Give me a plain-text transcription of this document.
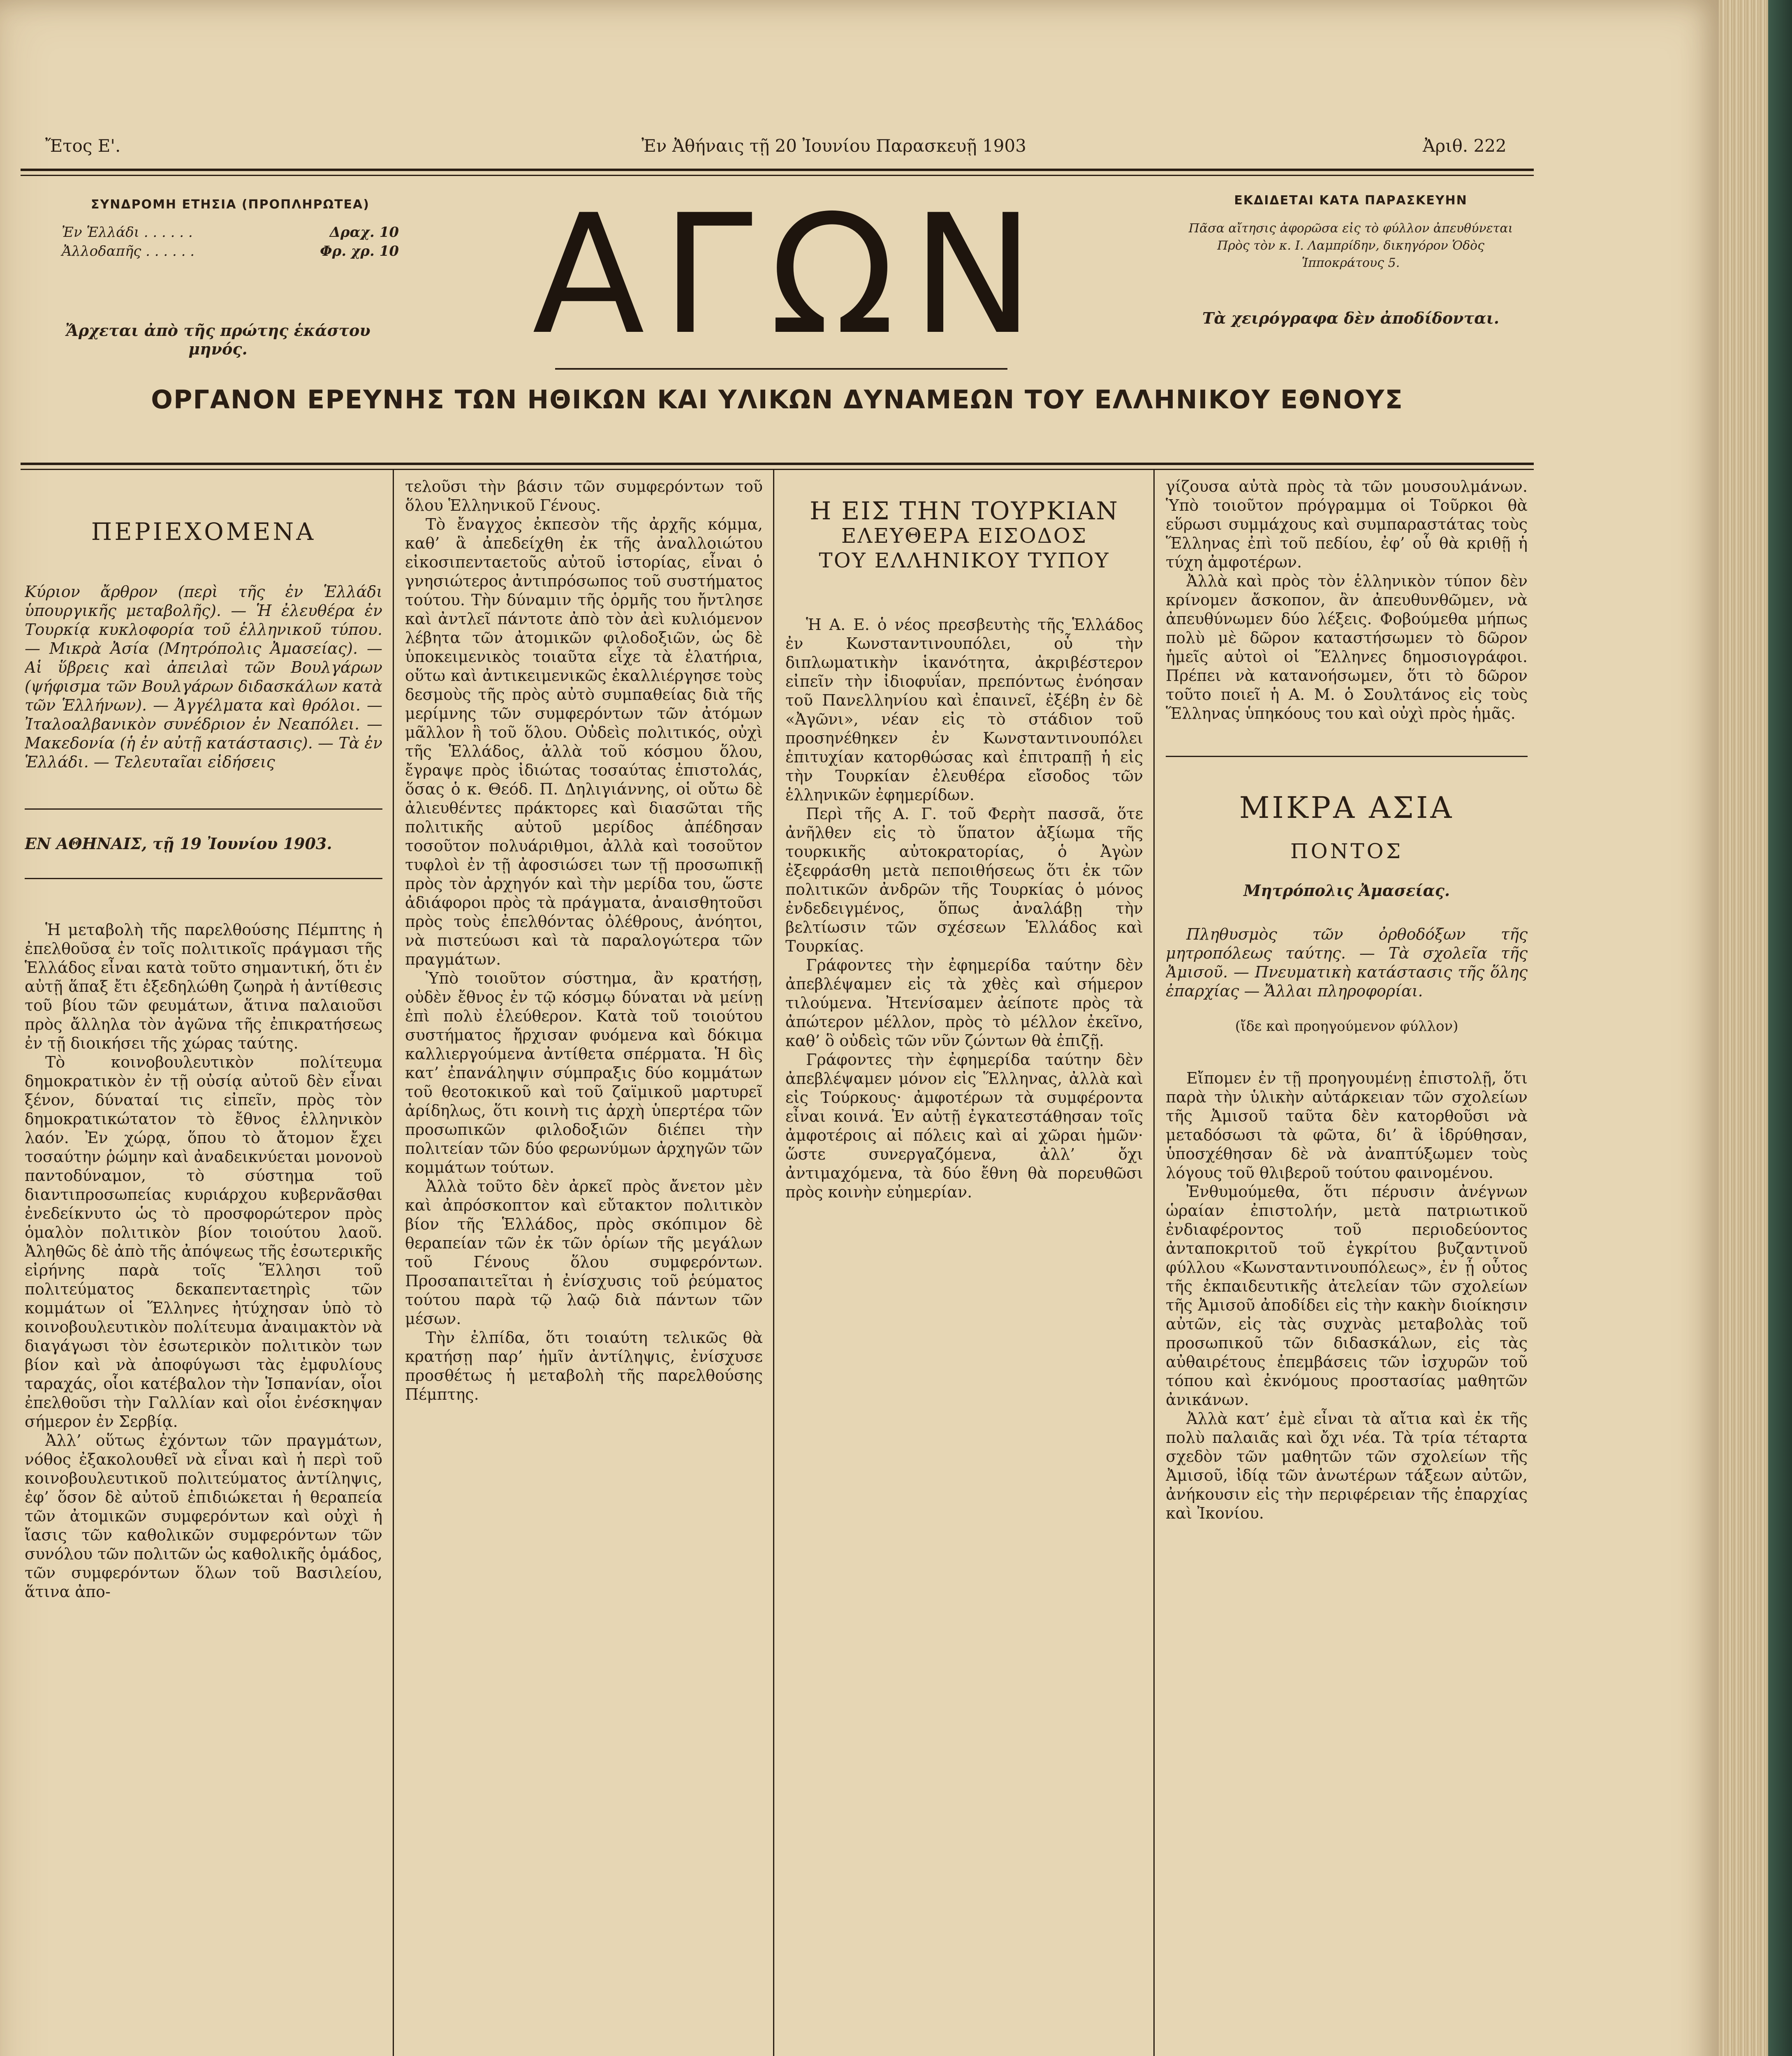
Ἔτος Ε'.	Ἐν Ἀθήναις τῇ 20 Ἰουνίου Παρασκευῇ 1903	Ἀριθ. 222
ΣΥΝΔΡΟΜΗ ΕΤΗΣΙΑ (ΠΡΟΠΛΗΡΩΤΕΑ)
Ἐν Ἑλλάδι . . . . . .	Δραχ. 10
Ἀλλοδαπῆς . . . . . .	Φρ. χρ. 10
Ἄρχεται ἀπὸ τῆς πρώτης ἑκάστου μηνός.	ΑΓΩΝ	ΕΚΔΙΔΕΤΑΙ ΚΑΤΑ ΠΑΡΑΣΚΕΥΗΝ
Πᾶσα αἴτησις ἀφορῶσα εἰς τὸ φύλλον ἀπευθύνεται Πρὸς τὸν κ. Ι. Λαμπρίδην, δικηγόρον Ὁδὸς Ἱπποκράτους 5.
Τὰ χειρόγραφα δὲν ἀποδίδονται.
ΟΡΓΑΝΟΝ ΕΡΕΥΝΗΣ ΤΩΝ ΗΘΙΚΩΝ ΚΑΙ ΥΛΙΚΩΝ ΔΥΝΑΜΕΩΝ ΤΟΥ ΕΛΛΗΝΙΚΟΥ ΕΘΝΟΥΣ
ΠΕΡΙΕΧΟΜΕΝΑ

Κύριον ἄρθρον (περὶ τῆς ἐν Ἑλλάδι ὑπουργικῆς μεταβολῆς). — Ἡ ἐλευθέρα ἐν Τουρκίᾳ κυκλοφορία τοῦ ἑλληνικοῦ τύπου. — Μικρὰ Ἀσία (Μητρόπολις Ἀμασείας). — Αἱ ὕβρεις καὶ ἀπειλαὶ τῶν Βουλγάρων (ψήφισμα τῶν Βουλγάρων διδασκάλων κατὰ τῶν Ἑλλήνων). — Ἀγγέλματα καὶ θρόλοι. — Ἰταλοαλβανικὸν συνέδριον ἐν Νεαπόλει. — Μακεδονία (ἡ ἐν αὐτῇ κατάστασις). — Τὰ ἐν Ἑλλάδι. — Τελευταῖαι εἰδήσεις

ΕΝ ΑΘΗΝΑΙΣ, τῇ 19 Ἰουνίου 1903.

Ἡ μεταβολὴ τῆς παρελθούσης Πέμπτης ἡ ἐπελθοῦσα ἐν τοῖς πολιτικοῖς πράγμασι τῆς Ἑλλάδος εἶναι κατὰ τοῦτο σημαντική, ὅτι ἐν αὐτῇ ἅπαξ ἔτι ἐξεδηλώθη ζωηρὰ ἡ ἀντίθεσις τοῦ βίου τῶν φευμάτων, ἅτινα παλαιοῦσι πρὸς ἄλληλα τὸν ἀγῶνα τῆς ἐπικρατήσεως ἐν τῇ διοικήσει τῆς χώρας ταύτης.

Τὸ κοινοβουλευτικὸν πολίτευμα δημοκρατικὸν ἐν τῇ οὐσίᾳ αὐτοῦ δὲν εἶναι ξένον, δύναταί τις εἰπεῖν, πρὸς τὸν δημοκρατικώτατον τὸ ἔθνος ἑλληνικὸν λαόν. Ἐν χώρᾳ, ὅπου τὸ ἄτομον ἔχει τοσαύτην ῥώμην καὶ ἀναδεικνύεται μονονοὺ παντοδύναμον, τὸ σύστημα τοῦ διαντιπροσωπείας κυριάρχου κυβερνᾶσθαι ἐνεδείκνυτο ὡς τὸ προσφορώτερον πρὸς ὁμαλὸν πολιτικὸν βίον τοιούτου λαοῦ. Ἀληθῶς δὲ ἀπὸ τῆς ἀπόψεως τῆς ἐσωτερικῆς εἰρήνης παρὰ τοῖς Ἕλλησι τοῦ πολιτεύματος δεκαπενταετηρὶς τῶν κομμάτων οἱ Ἕλληνες ἠτύχησαν ὑπὸ τὸ κοινοβουλευτικὸν πολίτευμα ἀναιμακτὸν νὰ διαγάγωσι τὸν ἐσωτερικὸν πολιτικὸν των βίον καὶ νὰ ἀποφύγωσι τὰς ἐμφυλίους ταραχάς, οἷοι κατέβαλον τὴν Ἱσπανίαν, οἷοι ἐπελθοῦσι τὴν Γαλλίαν καὶ οἷοι ἐνέσκηψαν σήμερον ἐν Σερβίᾳ.

Ἀλλ’ οὕτως ἐχόντων τῶν πραγμάτων, νόθος ἐξακολουθεῖ νὰ εἶναι καὶ ἡ περὶ τοῦ κοινοβουλευτικοῦ πολιτεύματος ἀντίληψις, ἐφ’ ὅσον δὲ αὐτοῦ ἐπιδιώκεται ἡ θεραπεία τῶν ἀτομικῶν συμφερόντων καὶ οὐχὶ ἡ ἴασις τῶν καθολικῶν συμφερόντων τῶν συνόλου τῶν πολιτῶν ὡς καθολικῆς ὁμάδος, τῶν συμφερόντων ὅλων τοῦ Βασιλείου, ἅτινα ἀπο-

τελοῦσι τὴν βάσιν τῶν συμφερόντων τοῦ ὅλου Ἑλληνικοῦ Γένους.

Τὸ ἔναγχος ἐκπεσὸν τῆς ἀρχῆς κόμμα, καθ’ ἃ ἀπεδείχθη ἐκ τῆς ἀναλλοιώτου εἰκοσιπενταετοῦς αὐτοῦ ἱστορίας, εἶναι ὁ γνησιώτερος ἀντιπρόσωπος τοῦ συστήματος τούτου. Τὴν δύναμιν τῆς ὁρμῆς του ἤντλησε καὶ ἀντλεῖ πάντοτε ἀπὸ τὸν ἀεὶ κυλιόμενον λέβητα τῶν ἀτομικῶν φιλοδοξιῶν, ὡς δὲ ὑποκειμενικὸς τοιαῦτα εἶχε τὰ ἐλατήρια, οὕτω καὶ ἀντικειμενικῶς ἐκαλλιέργησε τοὺς δεσμοὺς τῆς πρὸς αὐτὸ συμπαθείας διὰ τῆς μερίμνης τῶν συμφερόντων τῶν ἀτόμων μᾶλλον ἢ τοῦ ὅλου. Οὐδεὶς πολιτικός, οὐχὶ τῆς Ἑλλάδος, ἀλλὰ τοῦ κόσμου ὅλου, ἔγραψε πρὸς ἰδιώτας τοσαύτας ἐπιστολάς, ὅσας ὁ κ. Θεόδ. Π. Δηλιγιάννης, οἱ οὔτω δὲ ἀλιευθέντες πράκτορες καὶ διασῶται τῆς πολιτικῆς αὐτοῦ μερίδος ἀπέδησαν τοσοῦτον πολυάριθμοι, ἀλλὰ καὶ τοσοῦτον τυφλοὶ ἐν τῇ ἀφοσιώσει των τῇ προσωπικῇ πρὸς τὸν ἀρχηγόν καὶ τὴν μερίδα του, ὥστε ἀδιάφοροι πρὸς τὰ πράγματα, ἀναισθητοῦσι πρὸς τοὺς ἐπελθόντας ὀλέθρους, ἀνόητοι, νὰ πιστεύωσι καὶ τὰ παραλογώτερα τῶν πραγμάτων.

Ὑπὸ τοιοῦτον σύστημα, ἂν κρατήσῃ, οὐδὲν ἔθνος ἐν τῷ κόσμῳ δύναται νὰ μείνῃ ἐπὶ πολὺ ἐλεύθερον. Κατὰ τοῦ τοιούτου συστήματος ἤρχισαν φυόμενα καὶ δόκιμα καλλιεργούμενα ἀντίθετα σπέρματα. Ἡ δὶς κατ’ ἐπανάληψιν σύμπραξις δύο κομμάτων τοῦ θεοτοκικοῦ καὶ τοῦ ζαϊμικοῦ μαρτυρεῖ ἀρίδηλως, ὅτι κοινὴ τις ἀρχὴ ὑπερτέρα τῶν προσωπικῶν φιλοδοξιῶν διέπει τὴν πολιτείαν τῶν δύο φερωνύμων ἀρχηγῶν τῶν κομμάτων τούτων.

Ἀλλὰ τοῦτο δὲν ἀρκεῖ πρὸς ἄνετον μὲν καὶ ἀπρόσκοπτον καὶ εὔτακτον πολιτικὸν βίον τῆς Ἑλλάδος, πρὸς σκόπιμον δὲ θεραπείαν τῶν ἐκ τῶν ὁρίων τῆς μεγάλων τοῦ Γένους ὅλου συμφερόντων. Προσαπαιτεῖται ἡ ἐνίσχυσις τοῦ ῥεύματος τούτου παρὰ τῷ λαῷ διὰ πάντων τῶν μέσων.

Τὴν ἐλπίδα, ὅτι τοιαύτη τελικῶς θὰ κρατήσῃ παρ’ ἡμῖν ἀντίληψις, ἐνίσχυσε προσθέτως ἡ μεταβολὴ τῆς παρελθούσης Πέμπτης.

Η ΕΙΣ ΤΗΝ ΤΟΥΡΚΙΑΝ
ΕΛΕΥΘΕΡΑ ΕΙΣΟΔΟΣ
ΤΟΥ ΕΛΛΗΝΙΚΟΥ ΤΥΠΟΥ

Ἡ Α. Ε. ὁ νέος πρεσβευτὴς τῆς Ἑλλάδος ἐν Κωνσταντινουπόλει, οὗ τὴν διπλωματικὴν ἱκανότητα, ἀκριβέστερον εἰπεῖν τὴν ἰδιοφυΐαν, πρεπόντως ἐνόησαν τοῦ Πανελληνίου καὶ ἐπαινεῖ, ἐξέβη ἐν δὲ «Ἀγῶνι», νέαν εἰς τὸ στάδιον τοῦ προσηνέθηκεν ἐν Κωνσταντινουπόλει ἐπιτυχίαν κατορθώσας καὶ ἐπιτραπῇ ἡ εἰς τὴν Τουρκίαν ἐλευθέρα εἴσοδος τῶν ἑλληνικῶν ἐφημερίδων.

Περὶ τῆς Α. Γ. τοῦ Φερὴτ πασσᾶ, ὅτε ἀνῆλθεν εἰς τὸ ὕπατον ἀξίωμα τῆς τουρκικῆς αὐτοκρατορίας, ὁ Ἀγὼν ἐξεφράσθη μετὰ πεποιθήσεως ὅτι ἐκ τῶν πολιτικῶν ἀνδρῶν τῆς Τουρκίας ὁ μόνος ἐνδεδειγμένος, ὅπως ἀναλάβῃ τὴν βελτίωσιν τῶν σχέσεων Ἑλλάδος καὶ Τουρκίας.

Γράφοντες τὴν ἐφημερίδα ταύτην δὲν ἀπεβλέψαμεν εἰς τὰ χθὲς καὶ σήμερον τιλούμενα. Ἠτενίσαμεν ἀείποτε πρὸς τὰ ἀπώτερον μέλλον, πρὸς τὸ μέλλον ἐκεῖνο, καθ’ ὃ οὐδεὶς τῶν νῦν ζώντων θὰ ἐπιζῇ.

Γράφοντες τὴν ἐφημερίδα ταύτην δὲν ἀπεβλέψαμεν μόνον εἰς Ἕλληνας, ἀλλὰ καὶ εἰς Τούρκους· ἀμφοτέρων τὰ συμφέροντα εἶναι κοινά. Ἐν αὐτῇ ἐγκατεστάθησαν τοῖς ἀμφοτέροις αἱ πόλεις καὶ αἱ χῶραι ἡμῶν· ὥστε συνεργαζόμενα, ἀλλ’ ὄχι ἀντιμαχόμενα, τὰ δύο ἔθνη θὰ πορευθῶσι πρὸς κοινὴν εὐημερίαν.

γίζουσα αὐτὰ πρὸς τὰ τῶν μουσουλμάνων. Ὑπὸ τοιοῦτον πρόγραμμα οἱ Τοῦρκοι θὰ εὕρωσι συμμάχους καὶ συμπαραστάτας τοὺς Ἕλληνας ἐπὶ τοῦ πεδίου, ἐφ’ οὗ θὰ κριθῇ ἡ τύχη ἀμφοτέρων.

Ἀλλὰ καὶ πρὸς τὸν ἑλληνικὸν τύπον δὲν κρίνομεν ἄσκοπον, ἂν ἀπευθυνθῶμεν, νὰ ἀπευθύνωμεν δύο λέξεις. Φοβούμεθα μήπως πολὺ μὲ δῶρον καταστήσωμεν τὸ δῶρον ἡμεῖς αὐτοὶ οἱ Ἕλληνες δημοσιογράφοι. Πρέπει νὰ κατανοήσωμεν, ὅτι τὸ δῶρον τοῦτο ποιεῖ ἡ Α. Μ. ὁ Σουλτάνος εἰς τοὺς Ἕλληνας ὑπηκόους του καὶ οὐχὶ πρὸς ἡμᾶς.

ΜΙΚΡΑ ΑΣΙΑ
ΠΟΝΤΟΣ
Μητρόπολις Ἀμασείας.

Πληθυσμὸς τῶν ὀρθοδόξων τῆς μητροπόλεως ταύτης. — Τὰ σχολεῖα τῆς Ἀμισοῦ. — Πνευματικὴ κατάστασις τῆς ὅλης ἐπαρχίας — Ἄλλαι πληροφορίαι.

(ἴδε καὶ προηγούμενον φύλλον)

Εἴπομεν ἐν τῇ προηγουμένῃ ἐπιστολῇ, ὅτι παρὰ τὴν ὑλικὴν αὐτάρκειαν τῶν σχολείων τῆς Ἀμισοῦ ταῦτα δὲν κατορθοῦσι νὰ μεταδόσωσι τὰ φῶτα, δι’ ἃ ἱδρύθησαν, ὑποσχέθησαν δὲ νὰ ἀναπτύξωμεν τοὺς λόγους τοῦ θλιβεροῦ τούτου φαινομένου.

Ἐνθυμούμεθα, ὅτι πέρυσιν ἀνέγνων ὡραίαν ἐπιστολήν, μετὰ πατριωτικοῦ ἐνδιαφέροντος τοῦ περιοδεύοντος ἀνταποκριτοῦ τοῦ ἐγκρίτου βυζαντινοῦ φύλλου «Κωνσταντινουπόλεως», ἐν ᾗ οὗτος τῆς ἐκπαιδευτικῆς ἀτελείαν τῶν σχολείων τῆς Ἀμισοῦ ἀποδίδει εἰς τὴν κακὴν διοίκησιν αὐτῶν, εἰς τὰς συχνὰς μεταβολὰς τοῦ προσωπικοῦ τῶν διδασκάλων, εἰς τὰς αὐθαιρέτους ἐπεμβάσεις τῶν ἰσχυρῶν τοῦ τόπου καὶ ἐκνόμους προστασίας μαθητῶν ἀνικάνων.

Ἀλλὰ κατ’ ἐμὲ εἶναι τὰ αἴτια καὶ ἐκ τῆς πολὺ παλαιᾶς καὶ ὄχι νέα. Τὰ τρία τέταρτα σχεδὸν τῶν μαθητῶν τῶν σχολείων τῆς Ἀμισοῦ, ἰδίᾳ τῶν ἀνωτέρων τάξεων αὐτῶν, ἀνήκουσιν εἰς τὴν περιφέρειαν τῆς ἐπαρχίας καὶ Ἰκονίου.
